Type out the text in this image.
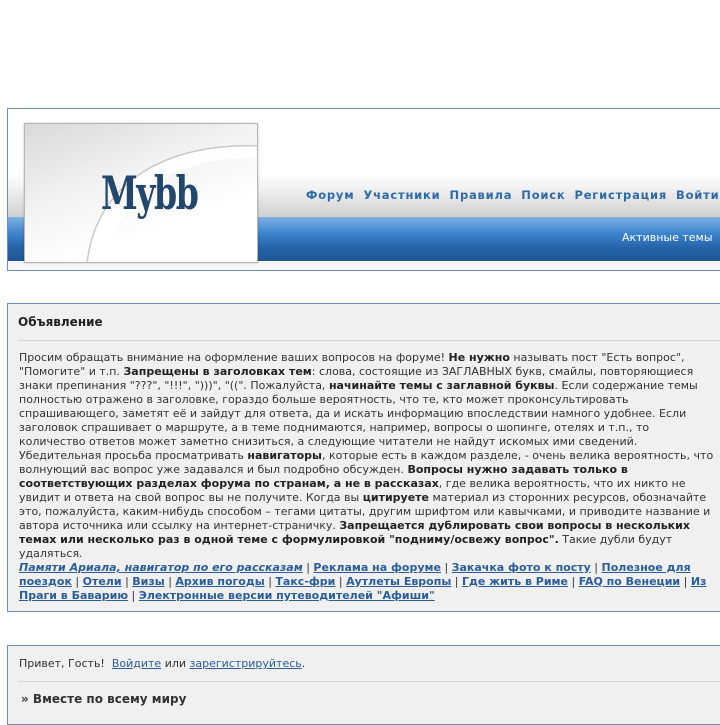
Mybb	Форум Участники Правила Поиск Регистрация Войти
Активные темы
Объявление
Просим обращать внимание на оформление ваших вопросов на форуме! Не нужно называть пост "Есть вопрос", "Помогите" и т.п. Запрещены в заголовках тем: слова, состоящие из ЗАГЛАВНЫХ букв, смайлы, повторяющиеся знаки препинания "???", "!!!", ")))", "((". Пожалуйста, начинайте темы с заглавной буквы. Если содержание темы полностью отражено в заголовке, гораздо больше вероятность, что те, кто может проконсультировать спрашивающего, заметят её и зайдут для ответа, да и искать информацию впоследствии намного удобнее. Если заголовок спрашивает о маршруте, а в теме поднимаются, например, вопросы о шопинге, отелях и т.п., то количество ответов может заметно снизиться, а следующие читатели не найдут искомых ими сведений. Убедительная просьба просматривать навигаторы, которые есть в каждом разделе, - очень велика вероятность, что волнующий вас вопрос уже задавался и был подробно обсужден. Вопросы нужно задавать только в соответствующих разделах форума по странам, а не в рассказах, где велика вероятность, что их никто не увидит и ответа на свой вопрос вы не получите. Когда вы цитируете материал из сторонних ресурсов, обозначайте это, пожалуйста, каким-нибудь способом – тегами цитаты, другим шрифтом или кавычками, и приводите название и автора источника или ссылку на интернет-страничку. Запрещается дублировать свои вопросы в нескольких темах или несколько раз в одной теме с формулировкой "подниму/освежу вопрос". Такие дубли будут удаляться.
Памяти Ариала, навигатор по его рассказам | Реклама на форуме | Закачка фото к посту | Полезное для поездок | Отели | Визы | Архив погоды | Такс-фри | Аутлеты Европы | Где жить в Риме | FAQ по Венеции | Из Праги в Баварию | Электронные версии путеводителей "Афиши"
Привет, Гость! Войдите или зарегистрируйтесь.
» Вместе по всему миру
